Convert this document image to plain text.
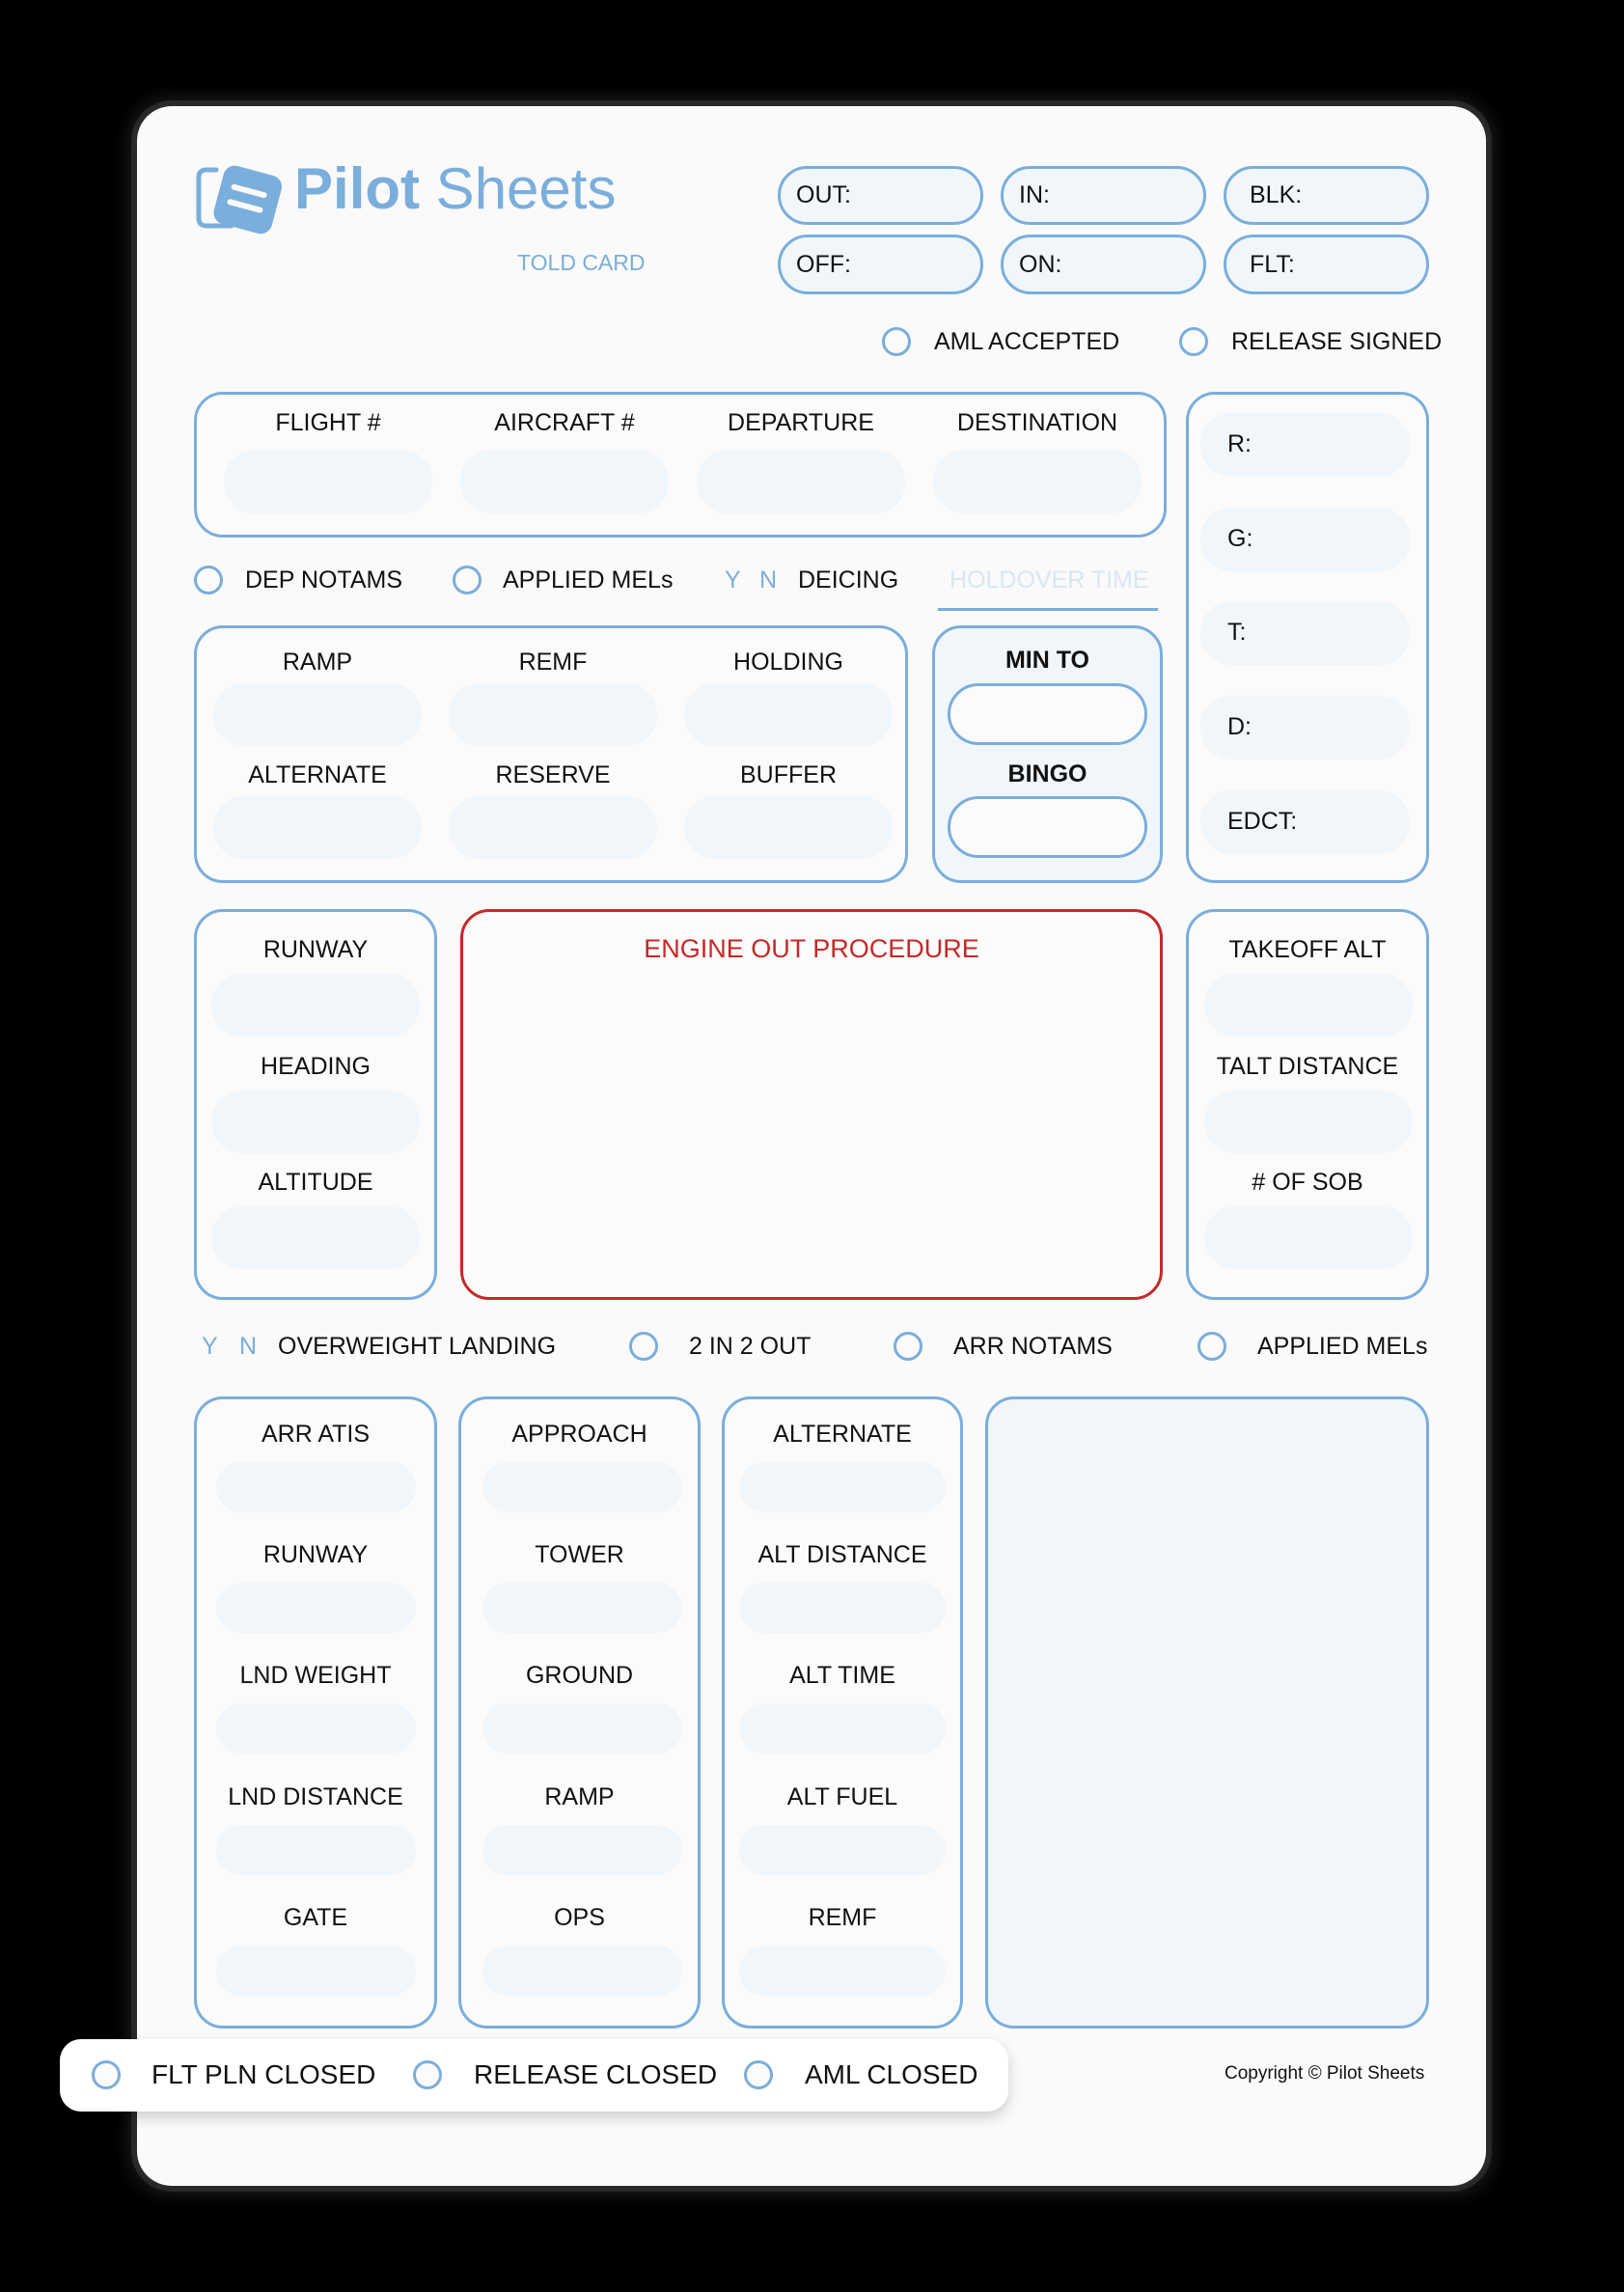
Pilot Sheets
TOLD CARD
OUT:	IN:	BLK:
OFF:	ON:	FLT:
AML ACCEPTED	RELEASE SIGNED
FLIGHT #	AIRCRAFT #	DEPARTURE	DESTINATION
R:
G:
T:
D:
EDCT:
DEP NOTAMS	APPLIED MELs Y N DEICING HOLDOVER TIME
RAMP	REMF	HOLDING
ALTERNATE	RESERVE	BUFFER
MIN TO
BINGO
RUNWAY
HEADING
ALTITUDE
ENGINE OUT PROCEDURE	TAKEOFF ALT
TALT DISTANCE
# OF SOB
Y N OVERWEIGHT LANDING	2 IN 2 OUT	ARR NOTAMS	APPLIED MELs
ARR ATIS
RUNWAY
LND WEIGHT
LND DISTANCE
GATE
APPROACH
TOWER
GROUND
RAMP
OPS
ALTERNATE
ALT DISTANCE
ALT TIME
ALT FUEL
REMF
FLT PLN CLOSED	RELEASE CLOSED	AML CLOSED	Copyright © Pilot Sheets
